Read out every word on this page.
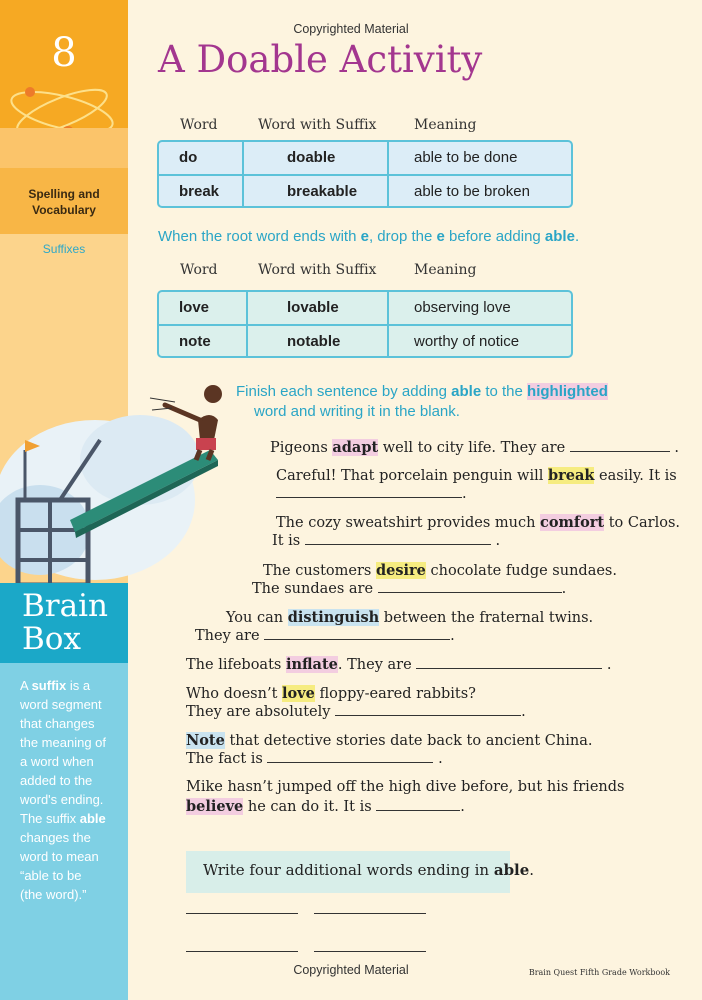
8
Spelling and Vocabulary
Suffixes
Brain
Box
A suffix is a word segment that changes the meaning of a word when added to the word's ending. The suffix able changes the word to mean “able to be (the word).”
Copyrighted Material
A Doable Activity
Word	Word with Suffix	Meaning
do	doable	able to be done
break	breakable	able to be broken
When the root word ends with e, drop the e before adding able.
Word	Word with Suffix	Meaning
love	lovable	observing love
note	notable	worthy of notice
Finish each sentence by adding able to the highlighted
word and writing it in the blank.
Pigeons adapt well to city life. They are	.
Careful! That porcelain penguin will break easily. It is
.
The cozy sweatshirt provides much comfort to Carlos.
It is	.
The customers desire chocolate fudge sundaes.
The sundaes are	.
You can distinguish between the fraternal twins.
They are	.
The lifeboats inflate. They are	.
Who doesn’t love floppy-eared rabbits?
They are absolutely	.
Note that detective stories date back to ancient China.
The fact is	.
Mike hasn’t jumped off the high dive before, but his friends
believe he can do it. It is	.
Write four additional words ending in able.
Copyrighted Material	Brain Quest Fifth Grade Workbook
